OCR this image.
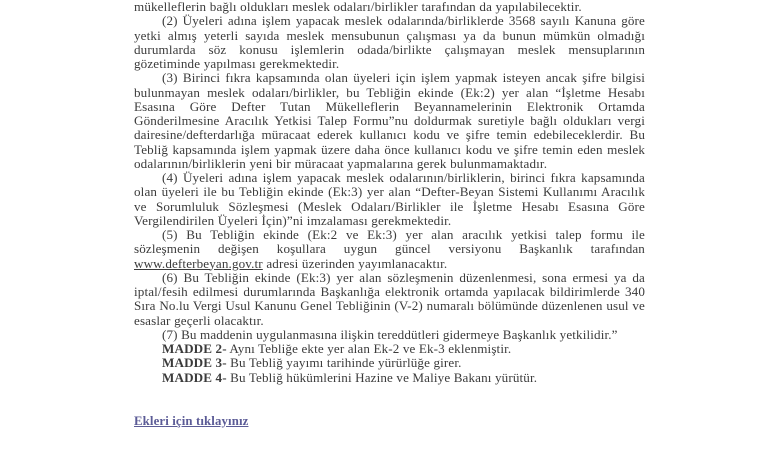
mükelleflerin bağlı oldukları meslek odaları/birlikler tarafından da yapılabilecektir.

(2) Üyeleri adına işlem yapacak meslek odalarında/birliklerde 3568 sayılı Kanuna göre yetki almış yeterli sayıda meslek mensubunun çalışması ya da bunun mümkün olmadığı durumlarda söz konusu işlemlerin odada/birlikte çalışmayan meslek mensuplarının gözetiminde yapılması gerekmektedir.

(3) Birinci fıkra kapsamında olan üyeleri için işlem yapmak isteyen ancak şifre bilgisi bulunmayan meslek odaları/birlikler, bu Tebliğin ekinde (Ek:2) yer alan “İşletme Hesabı Esasına Göre Defter Tutan Mükelleflerin Beyannamelerinin Elektronik Ortamda Gönderilmesine Aracılık Yetkisi Talep Formu”nu doldurmak suretiyle bağlı oldukları vergi dairesine/defterdarlığa müracaat ederek kullanıcı kodu ve şifre temin edebileceklerdir. Bu Tebliğ kapsamında işlem yapmak üzere daha önce kullanıcı kodu ve şifre temin eden meslek odalarının/birliklerin yeni bir müracaat yapmalarına gerek bulunmamaktadır.

(4) Üyeleri adına işlem yapacak meslek odalarının/birliklerin, birinci fıkra kapsamında olan üyeleri ile bu Tebliğin ekinde (Ek:3) yer alan “Defter-Beyan Sistemi Kullanımı Aracılık ve Sorumluluk Sözleşmesi (Meslek Odaları/Birlikler ile İşletme Hesabı Esasına Göre Vergilendirilen Üyeleri İçin)”ni imzalaması gerekmektedir.

(5) Bu Tebliğin ekinde (Ek:2 ve Ek:3) yer alan aracılık yetkisi talep formu ile sözleşmenin değişen koşullara uygun güncel versiyonu Başkanlık tarafından www.defterbeyan.gov.tr adresi üzerinden yayımlanacaktır.

(6) Bu Tebliğin ekinde (Ek:3) yer alan sözleşmenin düzenlenmesi, sona ermesi ya da iptal/fesih edilmesi durumlarında Başkanlığa elektronik ortamda yapılacak bildirimlerde 340 Sıra No.lu Vergi Usul Kanunu Genel Tebliğinin (V-2) numaralı bölümünde düzenlenen usul ve esaslar geçerli olacaktır.

(7) Bu maddenin uygulanmasına ilişkin tereddütleri gidermeye Başkanlık yetkilidir.”

MADDE 2- Aynı Tebliğe ekte yer alan Ek-2 ve Ek-3 eklenmiştir.

MADDE 3- Bu Tebliğ yayımı tarihinde yürürlüğe girer.

MADDE 4- Bu Tebliğ hükümlerini Hazine ve Maliye Bakanı yürütür.

Ekleri için tıklayınız
